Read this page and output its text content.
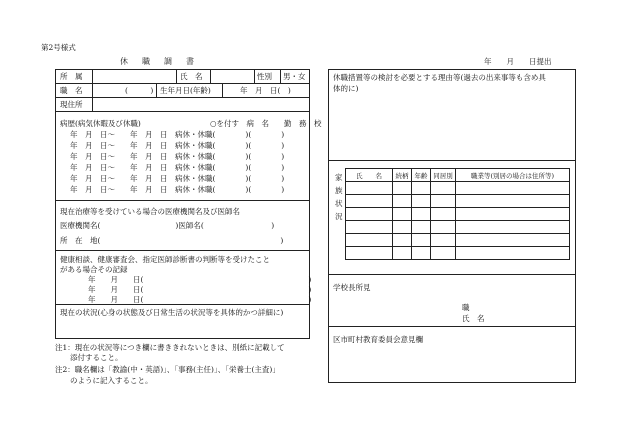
第2号様式
休職調書	年　　 月　　 日提出
所　属	氏　名	性別 男・女
職　名	(　　　) 生年月日(年齢)	年　月　日(　)
現住所
病歴(病気休暇及び休職)	○を付す　 病　名　　 勤　務　校
年　月　日～　　年　月　日　病休・休職(　　　　)(　　　　)
年　月　日～　　年　月　日　病休・休職(　　　　)(　　　　)
年　月　日～　　年　月　日　病休・休職(　　　　)(　　　　)
年　月　日～　　年　月　日　病休・休職(　　　　)(　　　　)
年　月　日～　　年　月　日　病休・休職(　　　　)(　　　　)
年　月　日～　　年　月　日　病休・休職(　　　　)(　　　　)
現在治療等を受けている場合の医療機関名及び医師名
医療機関名(　　　　　　　　　　)医師名(　　　　　　　　　)
所　在　地(　　　　　　　　　　　　　　　　　　　　　　　　)
健康相談、健康審査会、指定医師診断書の判断等を受けたこと
がある場合その記録
年　　月　　日(　　　　　　　　　　　　　　　　　　　　　　)
年　　月　　日(　　　　　　　　　　　　　　　　　　　　　　)
年　　月　　日(　　　　　　　　　　　　　　　　　　　　　　)
現在の状況(心身の状態及び日常生活の状況等を具体的かつ詳細に)
注1：現在の状況等につき欄に書ききれないときは、別紙に記載して
　　添付すること。
注2：職名欄は「教諭(中・英語)」、「事務(主任)」、「栄養士(主査)」
　　のように記入すること。
休職措置等の検討を必要とする理由等(過去の出来事等も含め具
体的に)
家
族
状
況
氏　　名	続柄	年齢	同居別	職業等(別居の場合は住所等)

学校長所見
職
氏　名
区市町村教育委員会意見欄
